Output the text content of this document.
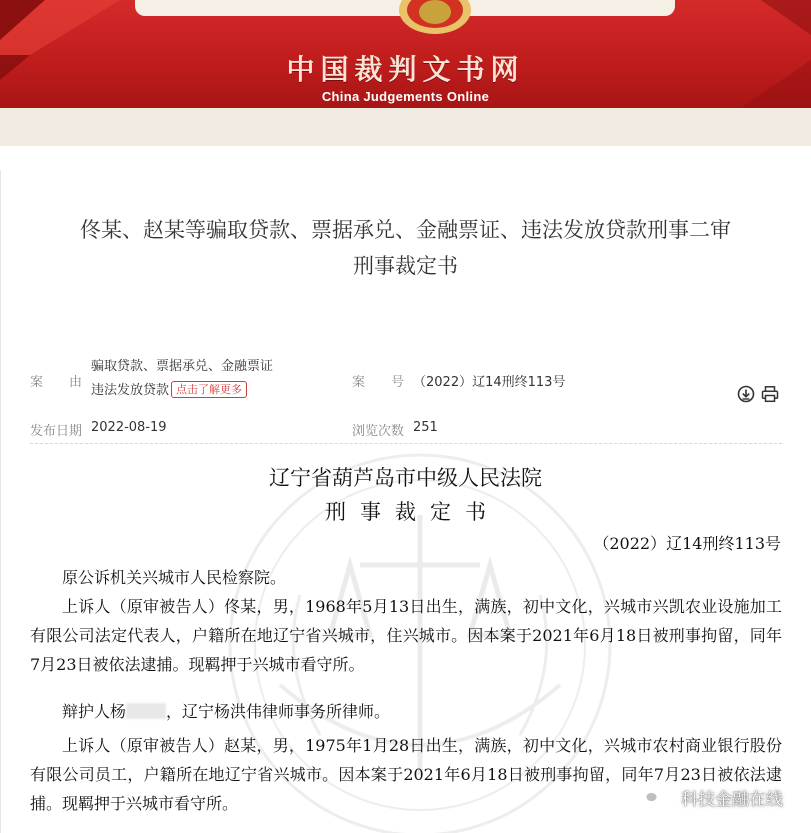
中国裁判文书网
China Judgements Online
佟某、赵某等骗取贷款、票据承兑、金融票证、违法发放贷款刑事二审
刑事裁定书
案　　由
骗取贷款、票据承兑、金融票证
违法发放贷款 点击了解更多	案　　号 （2022）辽14刑终113号
发布日期 2022-08-19	浏览次数 251
辽宁省葫芦岛市中级人民法院
刑事裁定书
（2022）辽14刑终113号
原公诉机关兴城市人民检察院。
上诉人（原审被告人）佟某，男，1968年5月13日出生，满族，初中文化，兴城市兴凯农业设施加工有限公司法定代表人，户籍所在地辽宁省兴城市，住兴城市。因本案于2021年6月18日被刑事拘留，同年7月23日被依法逮捕。现羁押于兴城市看守所。
辩护人杨	，辽宁杨洪伟律师事务所律师。
上诉人（原审被告人）赵某，男，1975年1月28日出生，满族，初中文化，兴城市农村商业银行股份有限公司员工，户籍所在地辽宁省兴城市。因本案于2021年6月18日被刑事拘留，同年7月23日被依法逮捕。现羁押于兴城市看守所。	科技金融在线
